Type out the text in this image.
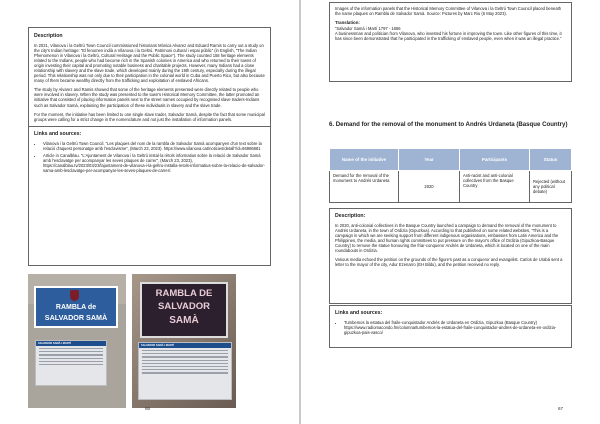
Description

In 2021, Vilanova i la Geltrú Town Council commissioned historians Mònica Alvarez and Eduard Ramis to carry out a study on the city's Indian heritage: “El fenomen indià a Vilanova i la Geltrú. Patrimoni cultural i espai públic” (in English, “The Indian Phenomenon in Vilanova i la Geltrú, Cultural Heritage and the Public Space”). The study counted 158 heritage elements related to the Indians, people who had become rich in the Spanish colonies in America and who returned to their towns of origin investing their capital and promoting notable business and charitable projects. However, many Indians had a close relationship with slavery and the slave trade, which developed mainly during the 19th century, especially during the illegal period. This relationship was not only due to their participation in the colonial world in Cuba and Puerto Rico, but also because many of them became wealthy directly from the trafficking and exploitation of enslaved Africans.

The study by Alvarez and Ramis showed that some of the heritage elements presented were directly related to people who were involved in slavery. When the study was presented to the town's Historical Memory Committee, the latter promoted an initiative that consisted of placing information panels next to the street names occupied by recognised slave traders-Indians such as Salvador Samà, explaining the participation of these individuals in slavery and the slave trade.

For the moment, the initiative has been limited to one single slave trader, Salvador Samà, despite the fact that some municipal groups were calling for a strict change in the nomenclature and not just the installation of information panels.

Links and sources:
• Vilanova i la Geltrú Town Council. “Les plaques del nom de la rambla de Salvador Samà acompanyen d'un text sobre la relació d'aquest personatge amb l'esclavisme”, (March 23, 2023). https://www.vilanova.cat/noticies/detall?id=66986881
• Article in Canalblau. “L'Ajuntament de Vilanova i la Geltrú instal·la rètols informatius sobre la relació de Salvador Samà amb l'esclavatge per acompanyar les seves plaques de carrer”, (March 23, 2023), https://canalblau.tv/2023/03/23/lajuntament-de-vilanova-i-la-geltru-installa-retols-informatius-sobre-la-relacio-de-salvador-sama-amb-lesclavatge-per-acompanyar-les-seves-plaques-de-carrer/.
RAMBLA de
SALVADOR SAMÀ
SALVADOR SAMÀ I MARTÍ
RAMBLA DE
SALVADOR
SAMÀ
SALVADOR SAMÀ I MARTÍ
66

Images of the information panels that the Historical Memory Committee of Vilanova i la Geltrú Town Council placed beneath the name plaques on Rambla de Salvador Samà. Source: Pictures by Marc Riu (6 May 2023).

Translation:
“Salvador Samà i Martí 1797 - 1866

A businessman and politician from Vilanova, who invested his fortune in improving the town. Like other figures of this time, it has since been demonstrated that he participated in the trafficking of enslaved people, even when it was an illegal practice.”

6. Demand for the removal of the monument to Andrés Urdaneta (Basque Country)
Name of the initiative	Year	Participants	Status
Demand for the removal of the monument to Andrés Urdaneta	2020	Anti-racist and anti-colonial collectives from the Basque Country	Rejected (without any political debate)
Description:

In 2020, anti-colonial collectives in the Basque Country launched a campaign to demand the removal of the monument to Andrés Urdaneta, in the town of Ordizia (Gipuzkoa). According to that published on some related websites, “This is a campaign in which we are seeking support from different indigenous organisations, embassies from Latin America and the Philippines, the media, and human rights committees to put pressure on the mayor's office of Ordizia (Gipuzkoa-Basque Country) to remove the statue honouring the friar-conqueror Andrés de Urdaneta, which is located on one of the main roundabouts in Ordizia.

Various media echoed the petition on the grounds of the figure's past as a conqueror and evangelist. Carlos de Urabá sent a letter to the mayor of the city, Adur Ezenarro (EH Bildu), and the petition received no reply.

Links and sources:
• Tumbemos la estatua del fraile-conquistador Andrés de Urdaneta en Ordizia, Gipuzkoa (Basque Country) https://www.radiomacondo.fm/columna/tumbemos-la-estatua-del-fraile-conquistador-andres-de-urdaneta-en-ordizia-gipuzkoa-pais-vasco/
67
